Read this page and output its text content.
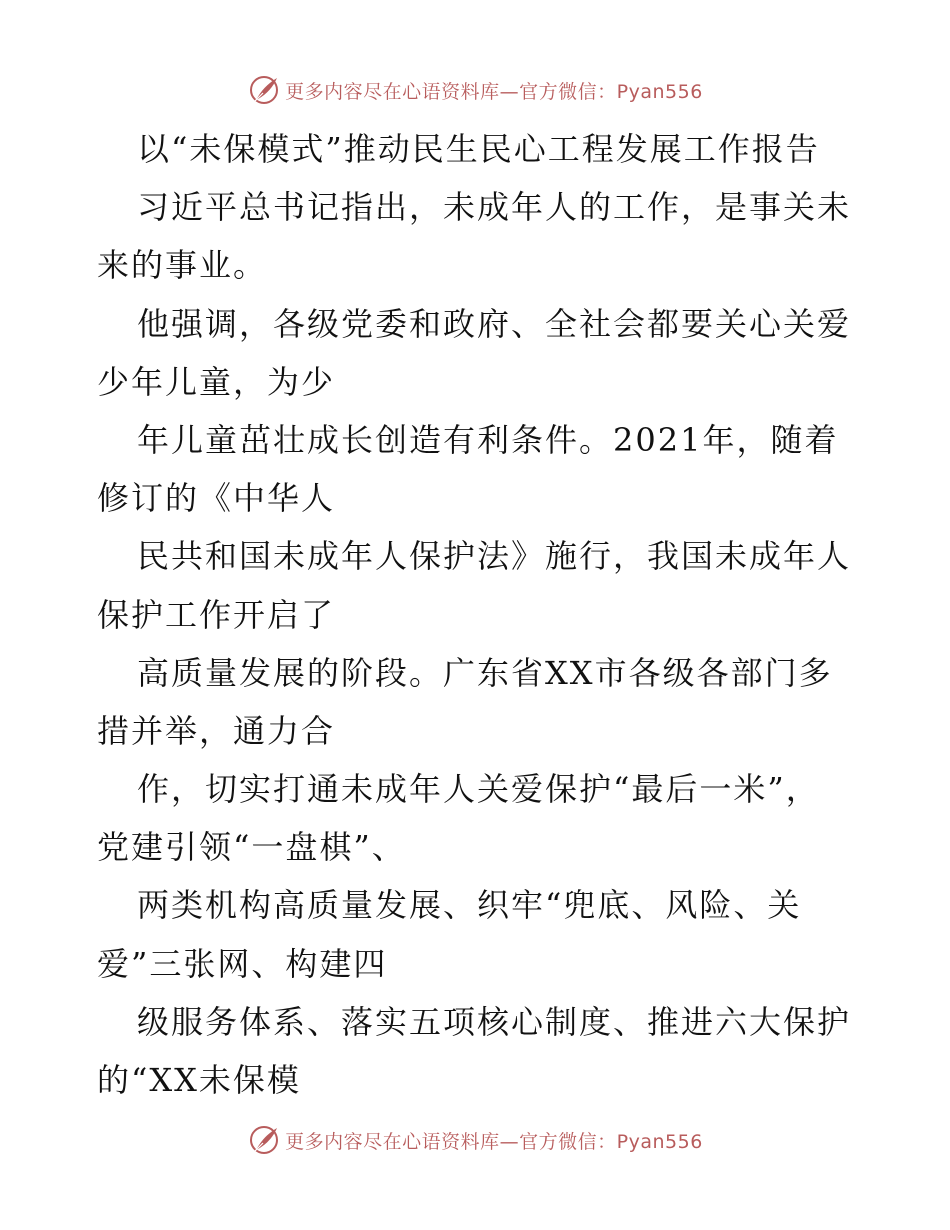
更多内容尽在心语资料库—官方微信：Pyan556
以“未保模式”推动民生民心工程发展工作报告
习近平总书记指出，未成年人的工作，是事关未
来的事业。
他强调，各级党委和政府、全社会都要关心关爱
少年儿童，为少
年儿童茁壮成长创造有利条件。2021年，随着
修订的《中华人
民共和国未成年人保护法》施行，我国未成年人
保护工作开启了
高质量发展的阶段。广东省XX市各级各部门多
措并举，通力合
作，切实打通未成年人关爱保护“最后一米”，
党建引领“一盘棋”、
两类机构高质量发展、织牢“兜底、风险、关
爱”三张网、构建四
级服务体系、落实五项核心制度、推进六大保护
的“XX未保模
更多内容尽在心语资料库—官方微信：Pyan556
